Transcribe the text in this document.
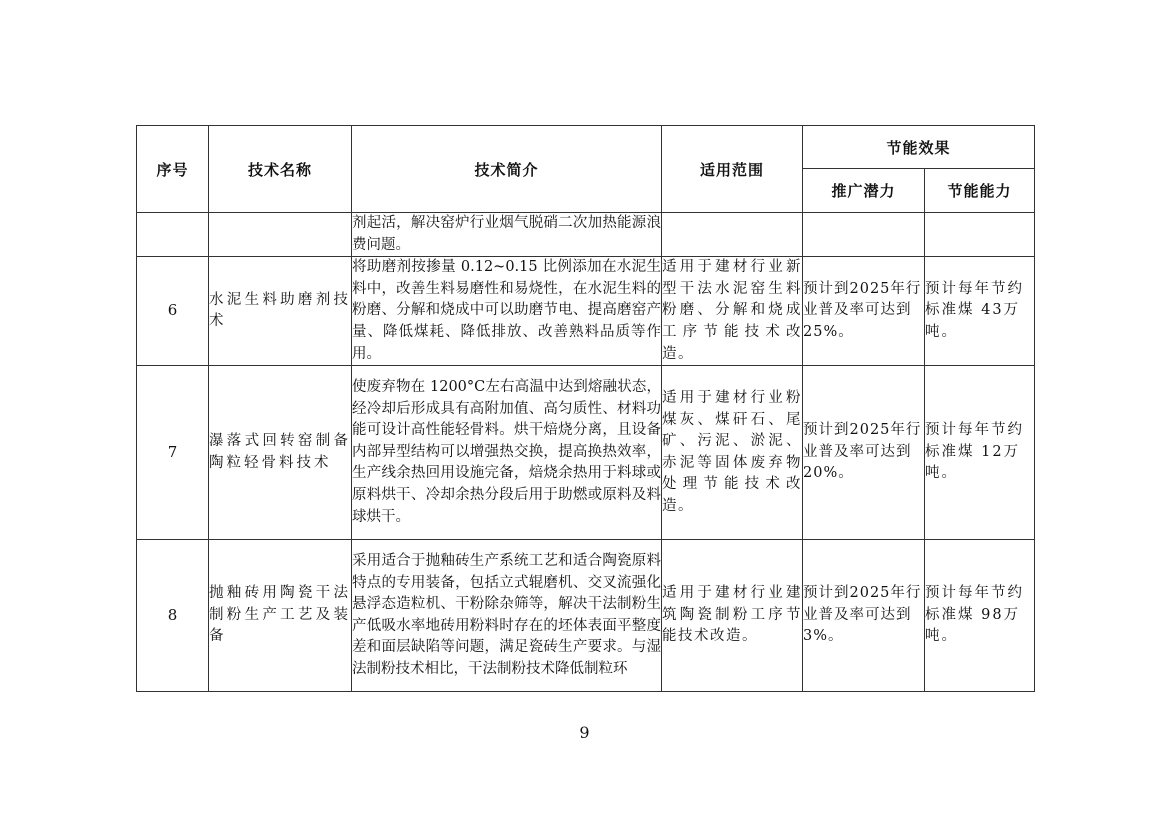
序号	技术名称	技术简介	适用范围	节能效果	
				推广潜力	节能能力
		剂起活，解决窑炉行业烟气脱硝二次加热能源浪费问题。			
6	水泥生料助磨剂技术	将助磨剂按掺量 0.12~0.15 比例添加在水泥生料中，改善生料易磨性和易烧性，在水泥生料的粉磨、分解和烧成中可以助磨节电、提高磨窑产量、降低煤耗、降低排放、改善熟料品质等作用。	适用于建材行业新型干法水泥窑生料粉磨、分解和烧成工序节能技术改造。	预计到2025年行业普及率可达到25%。	预计每年节约标准煤 43万吨。
7	瀑落式回转窑制备陶粒轻骨料技术	使废弃物在 1200°C左右高温中达到熔融状态，经冷却后形成具有高附加值、高匀质性、材料功能可设计高性能轻骨料。烘干焙烧分离，且设备内部异型结构可以增强热交换，提高换热效率，生产线余热回用设施完备，焙烧余热用于料球或原料烘干、冷却余热分段后用于助燃或原料及料球烘干。	适用于建材行业粉煤灰、煤矸石、尾矿、污泥、淤泥、赤泥等固体废弃物处理节能技术改造。	预计到2025年行业普及率可达到20%。	预计每年节约标准煤 12万吨。
8	抛釉砖用陶瓷干法制粉生产工艺及装备	采用适合于抛釉砖生产系统工艺和适合陶瓷原料特点的专用装备，包括立式辊磨机、交叉流强化悬浮态造粒机、干粉除杂筛等，解决干法制粉生产低吸水率地砖用粉料时存在的坯体表面平整度差和面层缺陷等问题，满足瓷砖生产要求。与湿法制粉技术相比，干法制粉技术降低制粒环	适用于建材行业建筑陶瓷制粉工序节能技术改造。	预计到2025年行业普及率可达到3%。	预计每年节约标准煤 98万吨。
9
